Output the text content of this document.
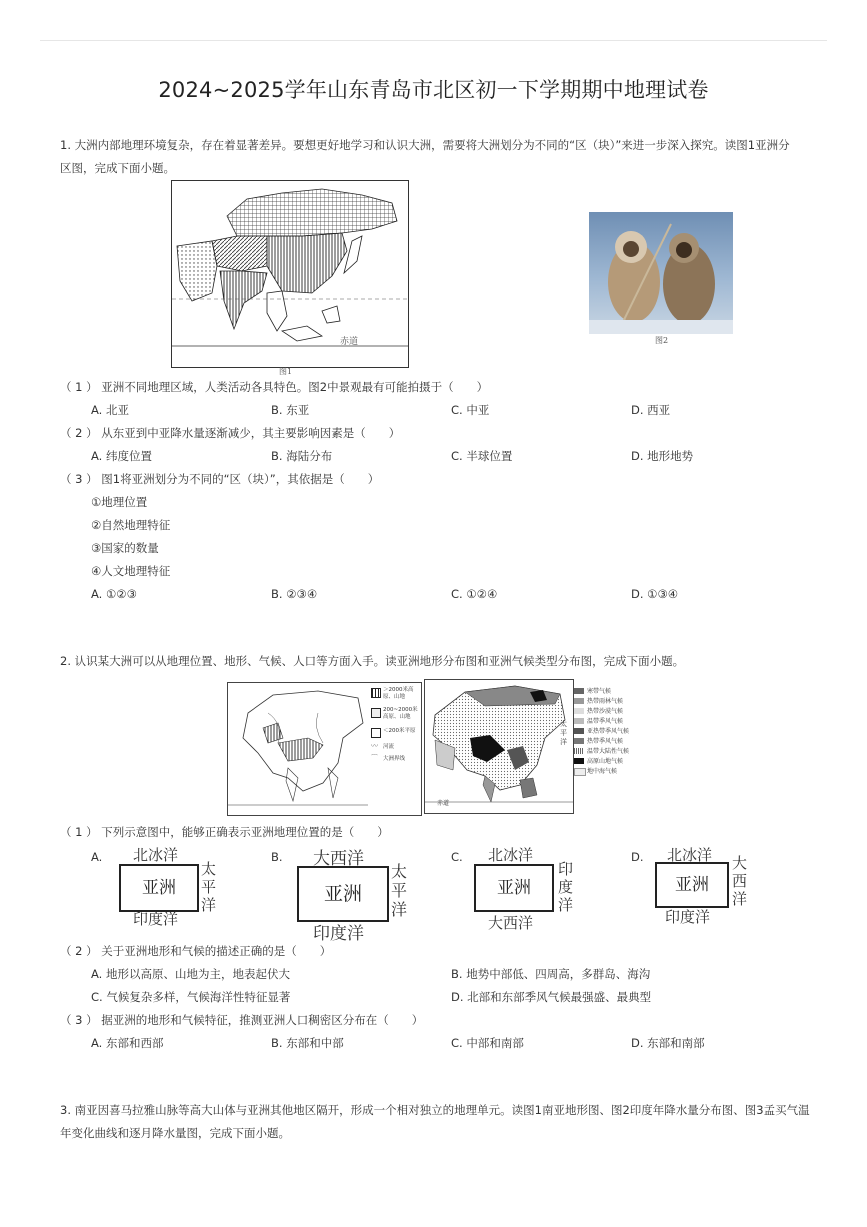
2024~2025学年山东青岛市北区初一下学期期中地理试卷
1. 大洲内部地理环境复杂，存在着显著差异。要想更好地学习和认识大洲，需要将大洲划分为不同的“区（块）”来进一步深入探究。读图1亚洲分
区图，完成下面小题。
赤道
图1
图2
（ 1 ） 亚洲不同地理区域，人类活动各具特色。图2中景观最有可能拍摄于（　　）
A. 北亚	B. 东亚	C. 中亚	D. 西亚
（ 2 ） 从东亚到中亚降水量逐渐减少，其主要影响因素是（　　）
A. 纬度位置	B. 海陆分布	C. 半球位置	D. 地形地势
（ 3 ） 图1将亚洲划分为不同的“区（块）”，其依据是（　　）
①地理位置
②自然地理特征
③国家的数量
④人文地理特征
A. ①②③	B. ②③④	C. ①②④	D. ①③④
2. 认识某大洲可以从地理位置、地形、气候、人口等方面入手。读亚洲地形分布图和亚洲气候类型分布图，完成下面小题。
＞2000米高原、山地
200~2000米高原、山地
＜200米平原
〰 河流
⌒ 大洲界线
太
平
洋
赤道
寒带气候
热带雨林气候
热带沙漠气候
温带季风气候
亚热带季风气候
热带季风气候
温带大陆性气候
高原山地气候
地中海气候
（ 1 ） 下列示意图中，能够正确表示亚洲地理位置的是（　　）
A. 北冰洋
亚洲
太
平
洋
印度洋
B. 大西洋
亚洲
太
平
洋
印度洋
C. 北冰洋
亚洲
印
度
洋
大西洋
D. 北冰洋
亚洲
大
西
洋
印度洋
（ 2 ） 关于亚洲地形和气候的描述正确的是（　　）
A. 地形以高原、山地为主，地表起伏大	B. 地势中部低、四周高，多群岛、海沟
C. 气候复杂多样，气候海洋性特征显著	D. 北部和东部季风气候最强盛、最典型
（ 3 ） 据亚洲的地形和气候特征，推测亚洲人口稠密区分布在（　　）
A. 东部和西部	B. 东部和中部	C. 中部和南部	D. 东部和南部
3. 南亚因喜马拉雅山脉等高大山体与亚洲其他地区隔开，形成一个相对独立的地理单元。读图1南亚地形图、图2印度年降水量分布图、图3孟买气温
年变化曲线和逐月降水量图，完成下面小题。
